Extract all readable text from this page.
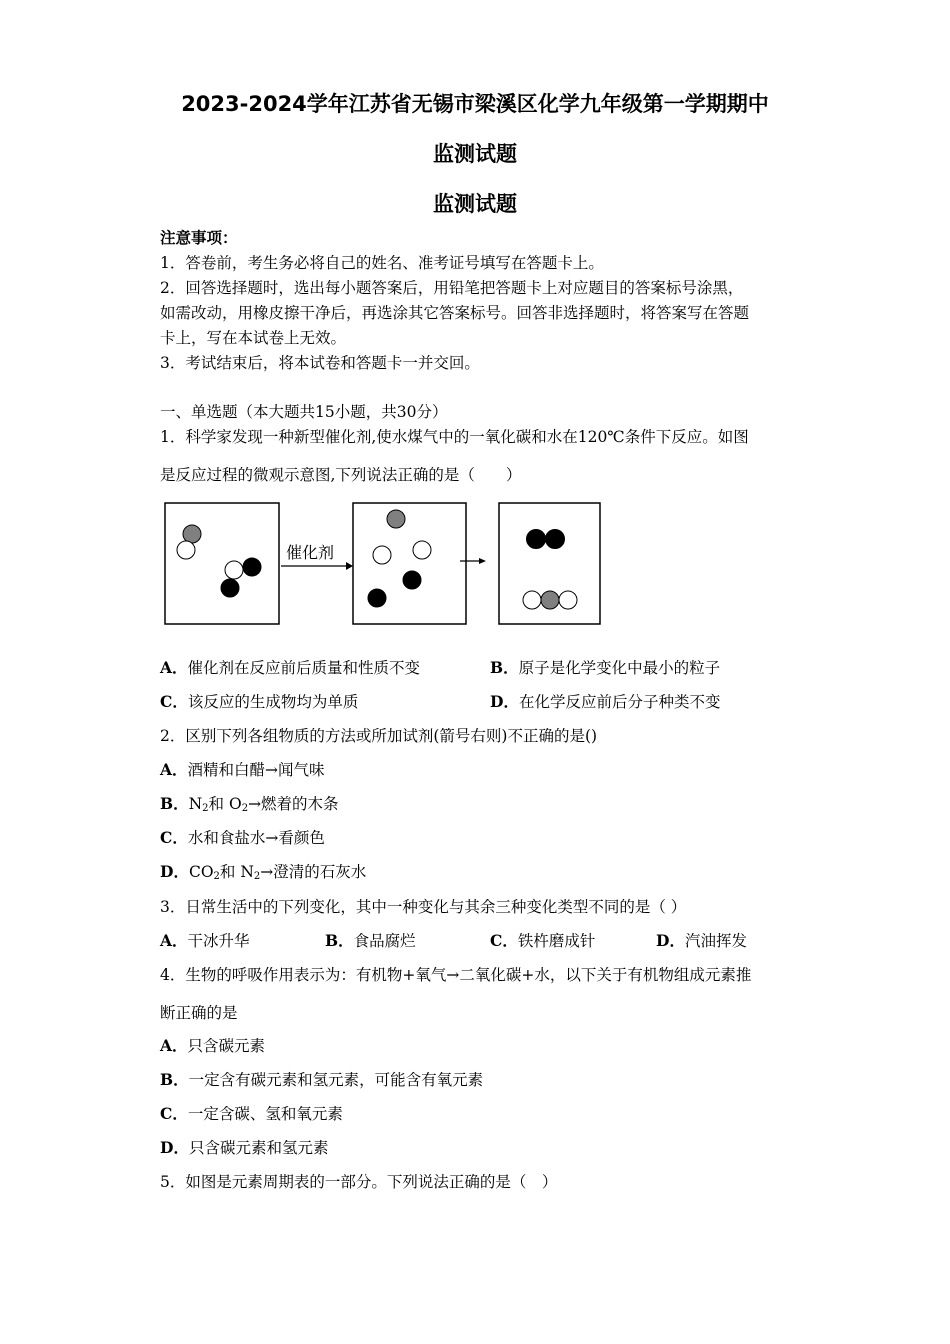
2023-2024学年江苏省无锡市梁溪区化学九年级第一学期期中
监测试题
监测试题
注意事项：
1．答卷前，考生务必将自己的姓名、准考证号填写在答题卡上。
2．回答选择题时，选出每小题答案后，用铅笔把答题卡上对应题目的答案标号涂黑，
如需改动，用橡皮擦干净后，再选涂其它答案标号。回答非选择题时，将答案写在答题
卡上，写在本试卷上无效。
3．考试结束后，将本试卷和答题卡一并交回。
一、单选题（本大题共15小题，共30分）
1．科学家发现一种新型催化剂,使水煤气中的一氧化碳和水在120℃条件下反应。如图
是反应过程的微观示意图,下列说法正确的是（　　）
催化剂
A．催化剂在反应前后质量和性质不变	B．原子是化学变化中最小的粒子
C．该反应的生成物均为单质	D．在化学反应前后分子种类不变
2．区别下列各组物质的方法或所加试剂(箭号右则)不正确的是()
A．酒精和白醋→闻气味
B．$N_2$和 $O_2\to$燃着的木条
C．水和食盐水→看颜色
D．$CO_2$和 $N_2\to$澄清的石灰水
3．日常生活中的下列变化，其中一种变化与其余三种变化类型不同的是（ ）
A．干冰升华	B．食品腐烂	C．铁杵磨成针	D．汽油挥发
4．生物的呼吸作用表示为：有机物+氧气→二氧化碳+水，以下关于有机物组成元素推
断正确的是
A．只含碳元素
B．一定含有碳元素和氢元素，可能含有氧元素
C．一定含碳、氢和氧元素
D．只含碳元素和氢元素
5．如图是元素周期表的一部分。下列说法正确的是（　）
